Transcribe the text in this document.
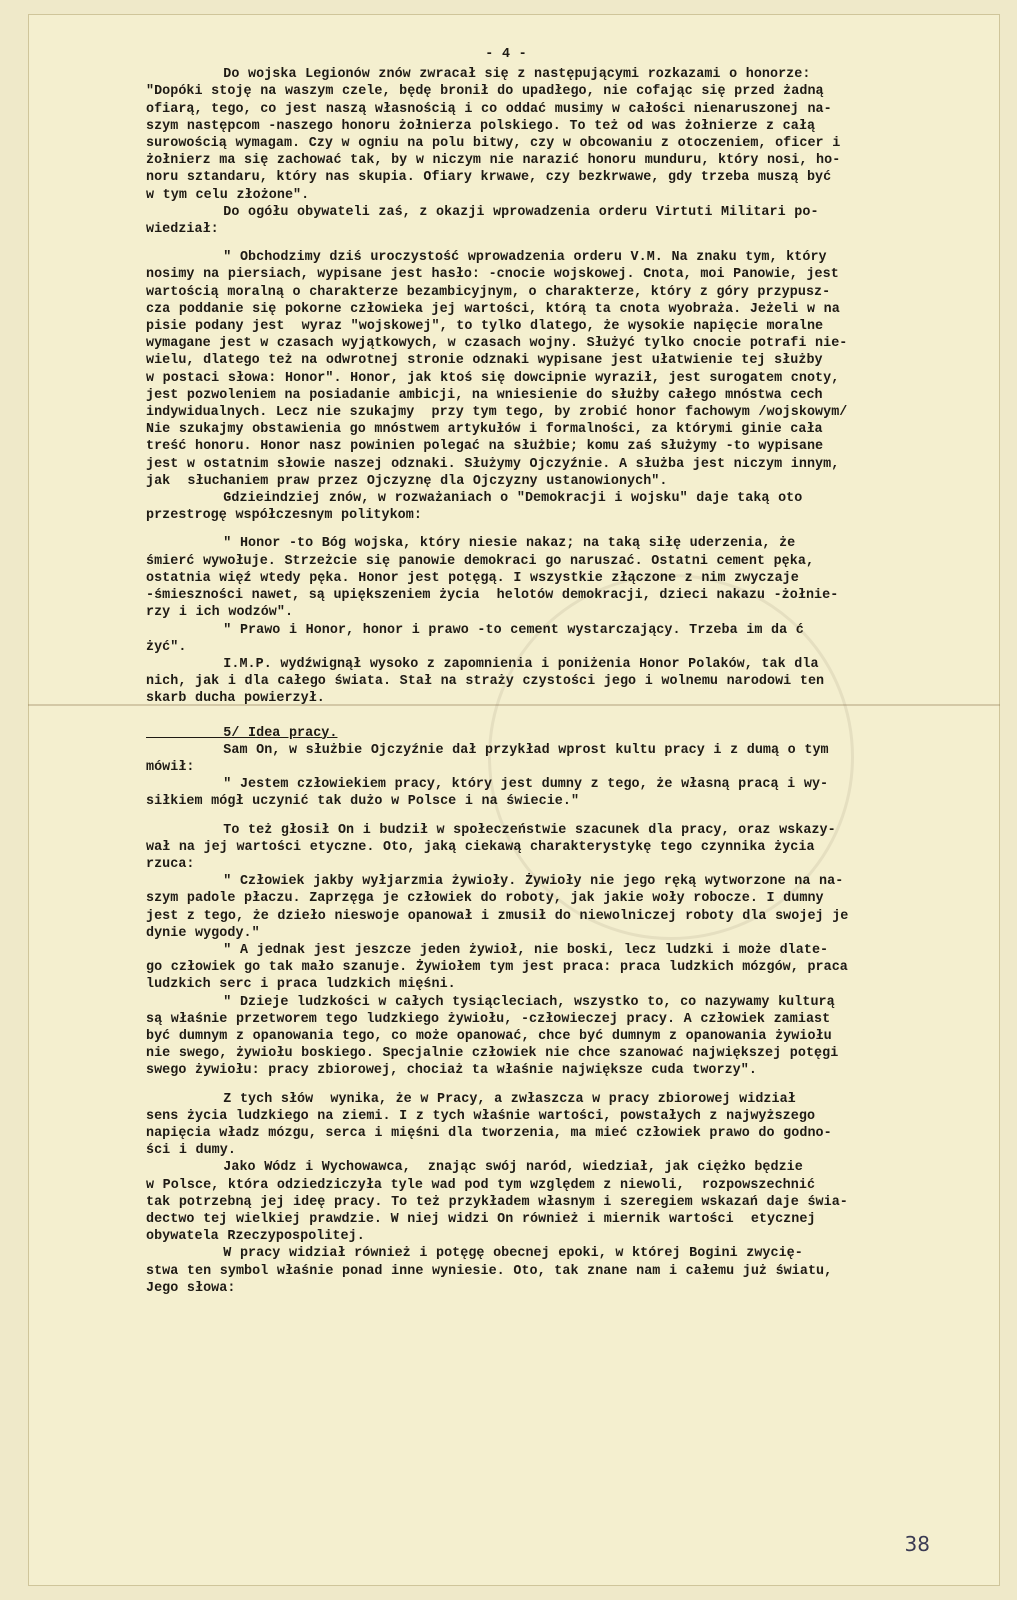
- 4 -
Do wojska Legionów znów zwracał się z następującymi rozkazami o honorze:
"Dopóki stoję na waszym czele, będę bronił do upadłego, nie cofając się przed żadną
ofiarą, tego, co jest naszą własnością i co oddać musimy w całości nienaruszonej na-
szym następcom -naszego honoru żołnierza polskiego. To też od was żołnierze z całą
surowością wymagam. Czy w ogniu na polu bitwy, czy w obcowaniu z otoczeniem, oficer i
żołnierz ma się zachować tak, by w niczym nie narazić honoru munduru, który nosi, ho-
noru sztandaru, który nas skupia. Ofiary krwawe, czy bezkrwawe, gdy trzeba muszą być
w tym celu złożone".
Do ogółu obywateli zaś, z okazji wprowadzenia orderu Virtuti Militari po-
wiedział:
" Obchodzimy dziś uroczystość wprowadzenia orderu V.M. Na znaku tym, który
nosimy na piersiach, wypisane jest hasło: -cnocie wojskowej. Cnota, moi Panowie, jest
wartością moralną o charakterze bezambicyjnym, o charakterze, który z góry przypusz-
cza poddanie się pokorne człowieka jej wartości, którą ta cnota wyobraża. Jeżeli w na
pisie podany jest  wyraz "wojskowej", to tylko dlatego, że wysokie napięcie moralne
wymagane jest w czasach wyjątkowych, w czasach wojny. Służyć tylko cnocie potrafi nie-
wielu, dlatego też na odwrotnej stronie odznaki wypisane jest ułatwienie tej służby
w postaci słowa: Honor". Honor, jak ktoś się dowcipnie wyraził, jest surogatem cnoty,
jest pozwoleniem na posiadanie ambicji, na wniesienie do służby całego mnóstwa cech
indywidualnych. Lecz nie szukajmy  przy tym tego, by zrobić honor fachowym /wojskowym/
Nie szukajmy obstawienia go mnóstwem artykułów i formalności, za którymi ginie cała
treść honoru. Honor nasz powinien polegać na służbie; komu zaś służymy -to wypisane
jest w ostatnim słowie naszej odznaki. Służymy Ojczyźnie. A służba jest niczym innym,
jak  słuchaniem praw przez Ojczyznę dla Ojczyzny ustanowionych".
Gdzieindziej znów, w rozważaniach o "Demokracji i wojsku" daje taką oto
przestrogę współczesnym politykom:
" Honor -to Bóg wojska, który niesie nakaz; na taką siłę uderzenia, że
śmierć wywołuje. Strzeżcie się panowie demokraci go naruszać. Ostatni cement pęka,
ostatnia więź wtedy pęka. Honor jest potęgą. I wszystkie złączone z nim zwyczaje
-śmieszności nawet, są upiększeniem życia  helotów demokracji, dzieci nakazu -żołnie-
rzy i ich wodzów".
" Prawo i Honor, honor i prawo -to cement wystarczający. Trzeba im da ć
żyć".
I.M.P. wydźwignął wysoko z zapomnienia i poniżenia Honor Polaków, tak dla
nich, jak i dla całego świata. Stał na straży czystości jego i wolnemu narodowi ten
skarb ducha powierzył.
5/ Idea pracy.
Sam On, w służbie Ojczyźnie dał przykład wprost kultu pracy i z dumą o tym
mówił:
" Jestem człowiekiem pracy, który jest dumny z tego, że własną pracą i wy-
siłkiem mógł uczynić tak dużo w Polsce i na świecie."
To też głosił On i budził w społeczeństwie szacunek dla pracy, oraz wskazy-
wał na jej wartości etyczne. Oto, jaką ciekawą charakterystykę tego czynnika życia
rzuca:
" Człowiek jakby wyłjarzmia żywioły. Żywioły nie jego ręką wytworzone na na-
szym padole płaczu. Zaprzęga je człowiek do roboty, jak jakie woły robocze. I dumny
jest z tego, że dzieło nieswoje opanował i zmusił do niewolniczej roboty dla swojej je
dynie wygody."
" A jednak jest jeszcze jeden żywioł, nie boski, lecz ludzki i może dlate-
go człowiek go tak mało szanuje. Żywiołem tym jest praca: praca ludzkich mózgów, praca
ludzkich serc i praca ludzkich mięśni.
" Dzieje ludzkości w całych tysiącleciach, wszystko to, co nazywamy kulturą
są właśnie przetworem tego ludzkiego żywiołu, -człowieczej pracy. A człowiek zamiast
być dumnym z opanowania tego, co może opanować, chce być dumnym z opanowania żywiołu
nie swego, żywiołu boskiego. Specjalnie człowiek nie chce szanować największej potęgi
swego żywiołu: pracy zbiorowej, chociaż ta właśnie największe cuda tworzy".
Z tych słów  wynika, że w Pracy, a zwłaszcza w pracy zbiorowej widział
sens życia ludzkiego na ziemi. I z tych właśnie wartości, powstałych z najwyższego
napięcia władz mózgu, serca i mięśni dla tworzenia, ma mieć człowiek prawo do godno-
ści i dumy.
Jako Wódz i Wychowawca,  znając swój naród, wiedział, jak ciężko będzie
w Polsce, która odziedziczyła tyle wad pod tym względem z niewoli,  rozpowszechnić
tak potrzebną jej ideę pracy. To też przykładem własnym i szeregiem wskazań daje świa-
dectwo tej wielkiej prawdzie. W niej widzi On również i miernik wartości  etycznej
obywatela Rzeczypospolitej.
W pracy widział również i potęgę obecnej epoki, w której Bogini zwycię-
stwa ten symbol właśnie ponad inne wyniesie. Oto, tak znane nam i całemu już światu,
Jego słowa:
38
